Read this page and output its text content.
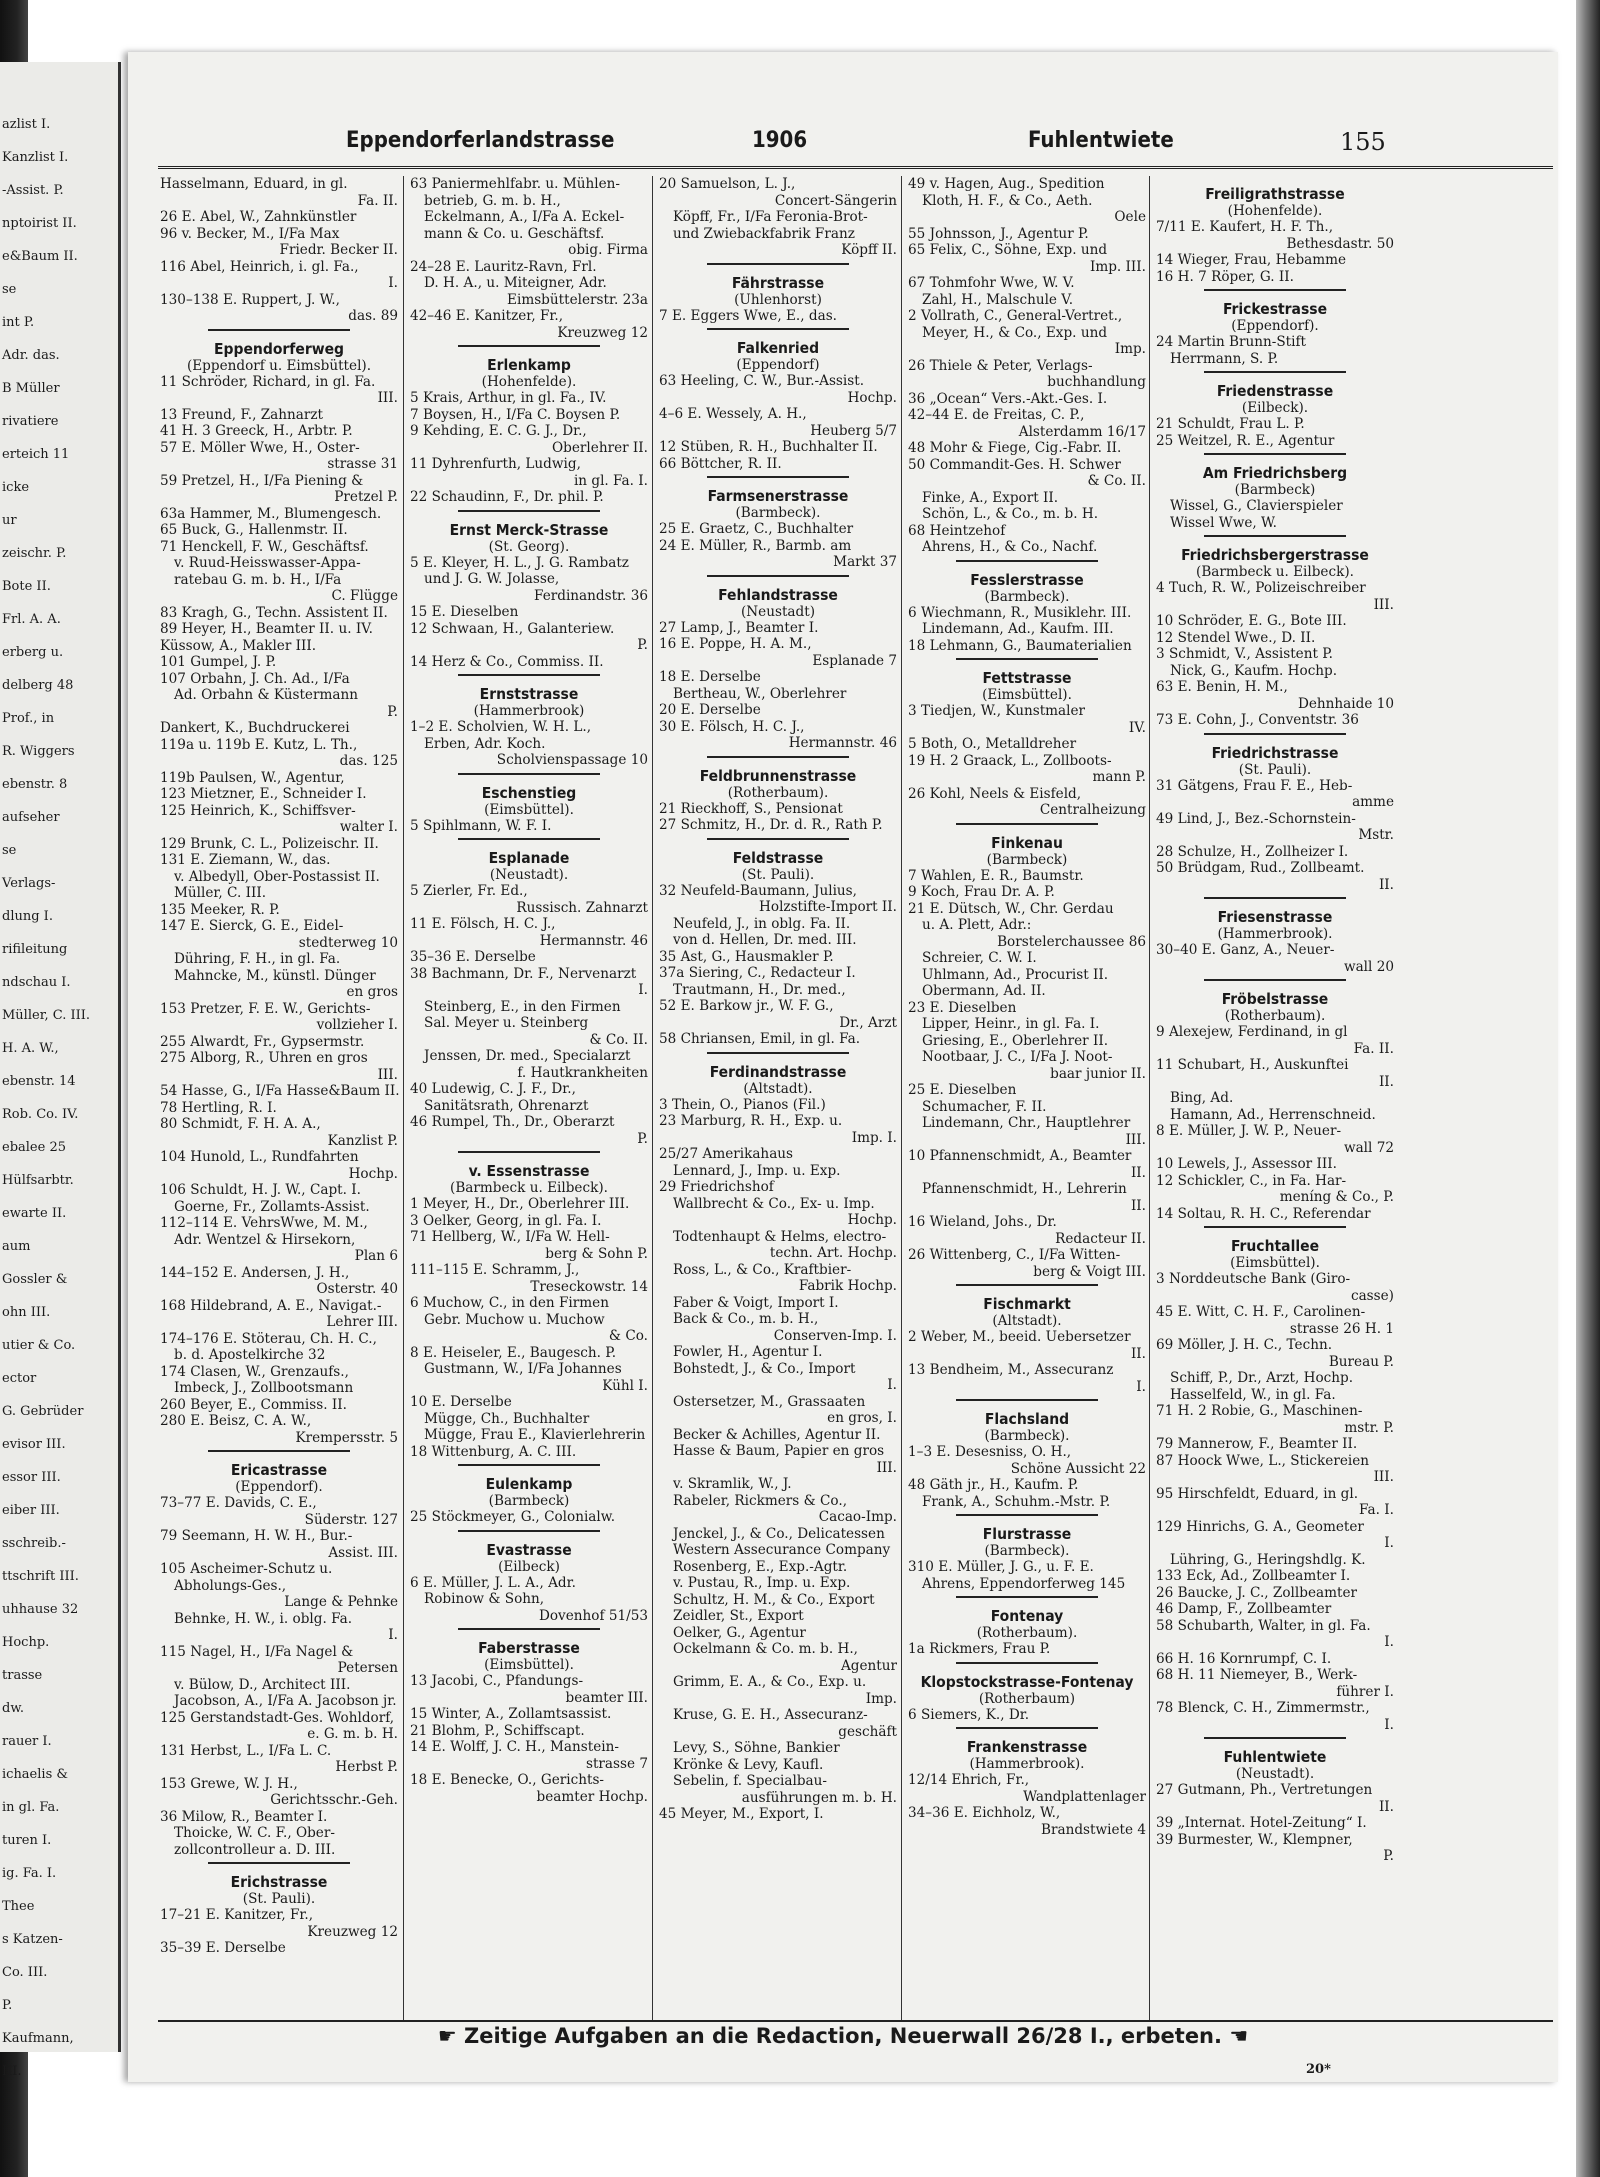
azlist I.
Kanzlist I.
-Assist. P.
nptoirist II.
e&Baum II.
se
int P.
Adr. das.
B Müller
rivatiere
erteich 11
icke
ur
zeischr. P.
Bote II.
Frl. A. A.
erberg u.
delberg 48
Prof., in
R. Wiggers
ebenstr. 8
aufseher
se
Verlags-
dlung I.
rifileitung
ndschau I.
Müller, C. III.
H. A. W.,
ebenstr. 14
Rob. Co. IV.
ebalee 25
Hülfsarbtr.
ewarte II.
aum
Gossler &
ohn III.
utier & Co.
ector
G. Gebrüder
evisor III.
essor III.
eiber III.
sschreib.-
ttschrift III.
uhhause 32
Hochp.
trasse
dw.
rauer I.
ichaelis &
in gl. Fa.
turen I.
ig. Fa. I.
Thee
s Katzen-
Co. III.
P.
Kaufmann,
III.
Eppendorferlandstrasse	1906	Fuhlentwiete	155
Hasselmann, Eduard, in gl.
Fa. II.
26 E. Abel, W., Zahnkünstler
96 v. Becker, M., I/Fa Max
Friedr. Becker II.
116 Abel, Heinrich, i. gl. Fa.,
I.
130–138 E. Ruppert, J. W.,
das. 89
Eppendorferweg
(Eppendorf u. Eimsbüttel).
11 Schröder, Richard, in gl. Fa.
III.
13 Freund, F., Zahnarzt
41 H. 3 Greeck, H., Arbtr. P.
57 E. Möller Wwe, H., Oster-
strasse 31
59 Pretzel, H., I/Fa Piening &
Pretzel P.
63a Hammer, M., Blumengesch.
65 Buck, G., Hallenmstr. II.
71 Henckell, F. W., Geschäftsf.
v. Ruud-Heisswasser-Appa-
ratebau G. m. b. H., I/Fa
C. Flügge
83 Kragh, G., Techn. Assistent II.
89 Heyer, H., Beamter II. u. IV.
Küssow, A., Makler III.
101 Gumpel, J. P.
107 Orbahn, J. Ch. Ad., I/Fa
Ad. Orbahn & Küstermann
P.
Dankert, K., Buchdruckerei
119a u. 119b E. Kutz, L. Th.,
das. 125
119b Paulsen, W., Agentur,
123 Mietzner, E., Schneider I.
125 Heinrich, K., Schiffsver-
walter I.
129 Brunk, C. L., Polizeischr. II.
131 E. Ziemann, W., das.
v. Albedyll, Ober-Postassist II.
Müller, C. III.
135 Meeker, R. P.
147 E. Sierck, G. E., Eidel-
stedterweg 10
Dühring, F. H., in gl. Fa.
Mahncke, M., künstl. Dünger
en gros
153 Pretzer, F. E. W., Gerichts-
vollzieher I.
255 Alwardt, Fr., Gypsermstr.
275 Alborg, R., Uhren en gros
III.
54 Hasse, G., I/Fa Hasse&Baum II.
78 Hertling, R. I.
80 Schmidt, F. H. A. A.,
Kanzlist P.
104 Hunold, L., Rundfahrten
Hochp.
106 Schuldt, H. J. W., Capt. I.
Goerne, Fr., Zollamts-Assist.
112–114 E. VehrsWwe, M. M.,
Adr. Wentzel & Hirsekorn,
Plan 6
144–152 E. Andersen, J. H.,
Osterstr. 40
168 Hildebrand, A. E., Navigat.-
Lehrer III.
174–176 E. Stöterau, Ch. H. C.,
b. d. Apostelkirche 32
174 Clasen, W., Grenzaufs.,
Imbeck, J., Zollbootsmann
260 Beyer, E., Commiss. II.
280 E. Beisz, C. A. W.,
Krempersstr. 5
Ericastrasse
(Eppendorf).
73–77 E. Davids, C. E.,
Süderstr. 127
79 Seemann, H. W. H., Bur.-
Assist. III.
105 Ascheimer-Schutz u.
Abholungs-Ges.,
Lange & Pehnke
Behnke, H. W., i. oblg. Fa.
I.
115 Nagel, H., I/Fa Nagel &
Petersen
v. Bülow, D., Architect III.
Jacobson, A., I/Fa A. Jacobson jr.
125 Gerstandstadt-Ges. Wohldorf,
e. G. m. b. H.
131 Herbst, L., I/Fa L. C.
Herbst P.
153 Grewe, W. J. H.,
Gerichtsschr.-Geh.
36 Milow, R., Beamter I.
Thoicke, W. C. F., Ober-
zollcontrolleur a. D. III.
Erichstrasse
(St. Pauli).
17–21 E. Kanitzer, Fr.,
Kreuzweg 12
35–39 E. Derselbe
63 Paniermehlfabr. u. Mühlen-
betrieb, G. m. b. H.,
Eckelmann, A., I/Fa A. Eckel-
mann & Co. u. Geschäftsf.
obig. Firma
24–28 E. Lauritz-Ravn, Frl.
D. H. A., u. Miteigner, Adr.
Eimsbüttelerstr. 23a
42–46 E. Kanitzer, Fr.,
Kreuzweg 12
Erlenkamp
(Hohenfelde).
5 Krais, Arthur, in gl. Fa., IV.
7 Boysen, H., I/Fa C. Boysen P.
9 Kehding, E. C. G. J., Dr.,
Oberlehrer II.
11 Dyhrenfurth, Ludwig,
in gl. Fa. I.
22 Schaudinn, F., Dr. phil. P.
Ernst Merck-Strasse
(St. Georg).
5 E. Kleyer, H. L., J. G. Rambatz
und J. G. W. Jolasse,
Ferdinandstr. 36
15 E. Dieselben
12 Schwaan, H., Galanteriew.
P.
14 Herz & Co., Commiss. II.
Ernststrasse
(Hammerbrook)
1–2 E. Scholvien, W. H. L.,
Erben, Adr. Koch.
Scholvienspassage 10
Eschenstieg
(Eimsbüttel).
5 Spihlmann, W. F. I.
Esplanade
(Neustadt).
5 Zierler, Fr. Ed.,
Russisch. Zahnarzt
11 E. Fölsch, H. C. J.,
Hermannstr. 46
35–36 E. Derselbe
38 Bachmann, Dr. F., Nervenarzt
I.
Steinberg, E., in den Firmen
Sal. Meyer u. Steinberg
& Co. II.
Jenssen, Dr. med., Specialarzt
f. Hautkrankheiten
40 Ludewig, C. J. F., Dr.,
Sanitätsrath, Ohrenarzt
46 Rumpel, Th., Dr., Oberarzt
P.
v. Essenstrasse
(Barmbeck u. Eilbeck).
1 Meyer, H., Dr., Oberlehrer III.
3 Oelker, Georg, in gl. Fa. I.
71 Hellberg, W., I/Fa W. Hell-
berg & Sohn P.
111–115 E. Schramm, J.,
Treseckowstr. 14
6 Muchow, C., in den Firmen
Gebr. Muchow u. Muchow
& Co.
8 E. Heiseler, E., Baugesch. P.
Gustmann, W., I/Fa Johannes
Kühl I.
10 E. Derselbe
Mügge, Ch., Buchhalter
Mügge, Frau E., Klavierlehrerin
18 Wittenburg, A. C. III.
Eulenkamp
(Barmbeck)
25 Stöckmeyer, G., Colonialw.
Evastrasse
(Eilbeck)
6 E. Müller, J. L. A., Adr.
Robinow & Sohn,
Dovenhof 51/53
Faberstrasse
(Eimsbüttel).
13 Jacobi, C., Pfandungs-
beamter III.
15 Winter, A., Zollamtsassist.
21 Blohm, P., Schiffscapt.
14 E. Wolff, J. C. H., Manstein-
strasse 7
18 E. Benecke, O., Gerichts-
beamter Hochp.
20 Samuelson, L. J.,
Concert-Sängerin
Köpff, Fr., I/Fa Feronia-Brot-
und Zwiebackfabrik Franz
Köpff II.
Fährstrasse
(Uhlenhorst)
7 E. Eggers Wwe, E., das.
Falkenried
(Eppendorf)
63 Heeling, C. W., Bur.-Assist.
Hochp.
4–6 E. Wessely, A. H.,
Heuberg 5/7
12 Stüben, R. H., Buchhalter II.
66 Böttcher, R. II.
Farmsenerstrasse
(Barmbeck).
25 E. Graetz, C., Buchhalter
24 E. Müller, R., Barmb. am
Markt 37
Fehlandstrasse
(Neustadt)
27 Lamp, J., Beamter I.
16 E. Poppe, H. A. M.,
Esplanade 7
18 E. Derselbe
Bertheau, W., Oberlehrer
20 E. Derselbe
30 E. Fölsch, H. C. J.,
Hermannstr. 46
Feldbrunnenstrasse
(Rotherbaum).
21 Rieckhoff, S., Pensionat
27 Schmitz, H., Dr. d. R., Rath P.
Feldstrasse
(St. Pauli).
32 Neufeld-Baumann, Julius,
Holzstifte-Import II.
Neufeld, J., in oblg. Fa. II.
von d. Hellen, Dr. med. III.
35 Ast, G., Hausmakler P.
37a Siering, C., Redacteur I.
Trautmann, H., Dr. med.,
52 E. Barkow jr., W. F. G.,
Dr., Arzt
58 Chriansen, Emil, in gl. Fa.
Ferdinandstrasse
(Altstadt).
3 Thein, O., Pianos (Fil.)
23 Marburg, R. H., Exp. u.
Imp. I.
25/27 Amerikahaus
Lennard, J., Imp. u. Exp.
29 Friedrichshof
Wallbrecht & Co., Ex- u. Imp.
Hochp.
Todtenhaupt & Helms, electro-
techn. Art. Hochp.
Ross, L., & Co., Kraftbier-
Fabrik Hochp.
Faber & Voigt, Import I.
Back & Co., m. b. H.,
Conserven-Imp. I.
Fowler, H., Agentur I.
Bohstedt, J., & Co., Import
I.
Ostersetzer, M., Grassaaten
en gros, I.
Becker & Achilles, Agentur II.
Hasse & Baum, Papier en gros
III.
v. Skramlik, W., J.
Rabeler, Rickmers & Co.,
Cacao-Imp.
Jenckel, J., & Co., Delicatessen
Western Assecurance Company
Rosenberg, E., Exp.-Agtr.
v. Pustau, R., Imp. u. Exp.
Schultz, H. M., & Co., Export
Zeidler, St., Export
Oelker, G., Agentur
Ockelmann & Co. m. b. H.,
Agentur
Grimm, E. A., & Co., Exp. u.
Imp.
Kruse, G. E. H., Assecuranz-
geschäft
Levy, S., Söhne, Bankier
Krönke & Levy, Kaufl.
Sebelin, f. Specialbau-
ausführungen m. b. H.
45 Meyer, M., Export, I.
49 v. Hagen, Aug., Spedition
Kloth, H. F., & Co., Aeth.
Oele
55 Johnsson, J., Agentur P.
65 Felix, C., Söhne, Exp. und
Imp. III.
67 Tohmfohr Wwe, W. V.
Zahl, H., Malschule V.
2 Vollrath, C., General-Vertret.,
Meyer, H., & Co., Exp. und
Imp.
26 Thiele & Peter, Verlags-
buchhandlung
36 „Ocean“ Vers.-Akt.-Ges. I.
42–44 E. de Freitas, C. P.,
Alsterdamm 16/17
48 Mohr & Fiege, Cig.-Fabr. II.
50 Commandit-Ges. H. Schwer
& Co. II.
Finke, A., Export II.
Schön, L., & Co., m. b. H.
68 Heintzehof
Ahrens, H., & Co., Nachf.
Fesslerstrasse
(Barmbeck).
6 Wiechmann, R., Musiklehr. III.
Lindemann, Ad., Kaufm. III.
18 Lehmann, G., Baumaterialien
Fettstrasse
(Eimsbüttel).
3 Tiedjen, W., Kunstmaler
IV.
5 Both, O., Metalldreher
19 H. 2 Graack, L., Zollboots-
mann P.
26 Kohl, Neels & Eisfeld,
Centralheizung
Finkenau
(Barmbeck)
7 Wahlen, E. R., Baumstr.
9 Koch, Frau Dr. A. P.
21 E. Dütsch, W., Chr. Gerdau
u. A. Plett, Adr.:
Borstelerchaussee 86
Schreier, C. W. I.
Uhlmann, Ad., Procurist II.
Obermann, Ad. II.
23 E. Dieselben
Lipper, Heinr., in gl. Fa. I.
Griesing, E., Oberlehrer II.
Nootbaar, J. C., I/Fa J. Noot-
baar junior II.
25 E. Dieselben
Schumacher, F. II.
Lindemann, Chr., Hauptlehrer
III.
10 Pfannenschmidt, A., Beamter
II.
Pfannenschmidt, H., Lehrerin
II.
16 Wieland, Johs., Dr.
Redacteur II.
26 Wittenberg, C., I/Fa Witten-
berg & Voigt III.
Fischmarkt
(Altstadt).
2 Weber, M., beeid. Uebersetzer
II.
13 Bendheim, M., Assecuranz
I.
Flachsland
(Barmbeck).
1–3 E. Desesniss, O. H.,
Schöne Aussicht 22
48 Gäth jr., H., Kaufm. P.
Frank, A., Schuhm.-Mstr. P.
Flurstrasse
(Barmbeck).
310 E. Müller, J. G., u. F. E.
Ahrens, Eppendorferweg 145
Fontenay
(Rotherbaum).
1a Rickmers, Frau P.
Klopstockstrasse-Fontenay
(Rotherbaum)
6 Siemers, K., Dr.
Frankenstrasse
(Hammerbrook).
12/14 Ehrich, Fr.,
Wandplattenlager
34–36 E. Eichholz, W.,
Brandstwiete 4
Freiligrathstrasse
(Hohenfelde).
7/11 E. Kaufert, H. F. Th.,
Bethesdastr. 50
14 Wieger, Frau, Hebamme
16 H. 7 Röper, G. II.
Frickestrasse
(Eppendorf).
24 Martin Brunn-Stift
Herrmann, S. P.
Friedenstrasse
(Eilbeck).
21 Schuldt, Frau L. P.
25 Weitzel, R. E., Agentur
Am Friedrichsberg
(Barmbeck)
Wissel, G., Clavierspieler
Wissel Wwe, W.
Friedrichsbergerstrasse
(Barmbeck u. Eilbeck).
4 Tuch, R. W., Polizeischreiber
III.
10 Schröder, E. G., Bote III.
12 Stendel Wwe., D. II.
3 Schmidt, V., Assistent P.
Nick, G., Kaufm. Hochp.
63 E. Benin, H. M.,
Dehnhaide 10
73 E. Cohn, J., Conventstr. 36
Friedrichstrasse
(St. Pauli).
31 Gätgens, Frau F. E., Heb-
amme
49 Lind, J., Bez.-Schornstein-
Mstr.
28 Schulze, H., Zollheizer I.
50 Brüdgam, Rud., Zollbeamt.
II.
Friesenstrasse
(Hammerbrook).
30–40 E. Ganz, A., Neuer-
wall 20
Fröbelstrasse
(Rotherbaum).
9 Alexejew, Ferdinand, in gl
Fa. II.
11 Schubart, H., Auskunftei
II.
Bing, Ad.
Hamann, Ad., Herrenschneid.
8 E. Müller, J. W. P., Neuer-
wall 72
10 Lewels, J., Assessor III.
12 Schickler, C., in Fa. Har-
meníng & Co., P.
14 Soltau, R. H. C., Referendar
Fruchtallee
(Eimsbüttel).
3 Norddeutsche Bank (Giro-
casse)
45 E. Witt, C. H. F., Carolinen-
strasse 26 H. 1
69 Möller, J. H. C., Techn.
Bureau P.
Schiff, P., Dr., Arzt, Hochp.
Hasselfeld, W., in gl. Fa.
71 H. 2 Robie, G., Maschinen-
mstr. P.
79 Mannerow, F., Beamter II.
87 Hoock Wwe, L., Stickereien
III.
95 Hirschfeldt, Eduard, in gl.
Fa. I.
129 Hinrichs, G. A., Geometer
I.
Lühring, G., Heringshdlg. K.
133 Eck, Ad., Zollbeamter I.
26 Baucke, J. C., Zollbeamter
46 Damp, F., Zollbeamter
58 Schubarth, Walter, in gl. Fa.
I.
66 H. 16 Kornrumpf, C. I.
68 H. 11 Niemeyer, B., Werk-
führer I.
78 Blenck, C. H., Zimmermstr.,
I.
Fuhlentwiete
(Neustadt).
27 Gutmann, Ph., Vertretungen
II.
39 „Internat. Hotel-Zeitung“ I.
39 Burmester, W., Klempner,
P.
☛ Zeitige Aufgaben an die Redaction, Neuerwall 26/28 I., erbeten. ☚
20*
